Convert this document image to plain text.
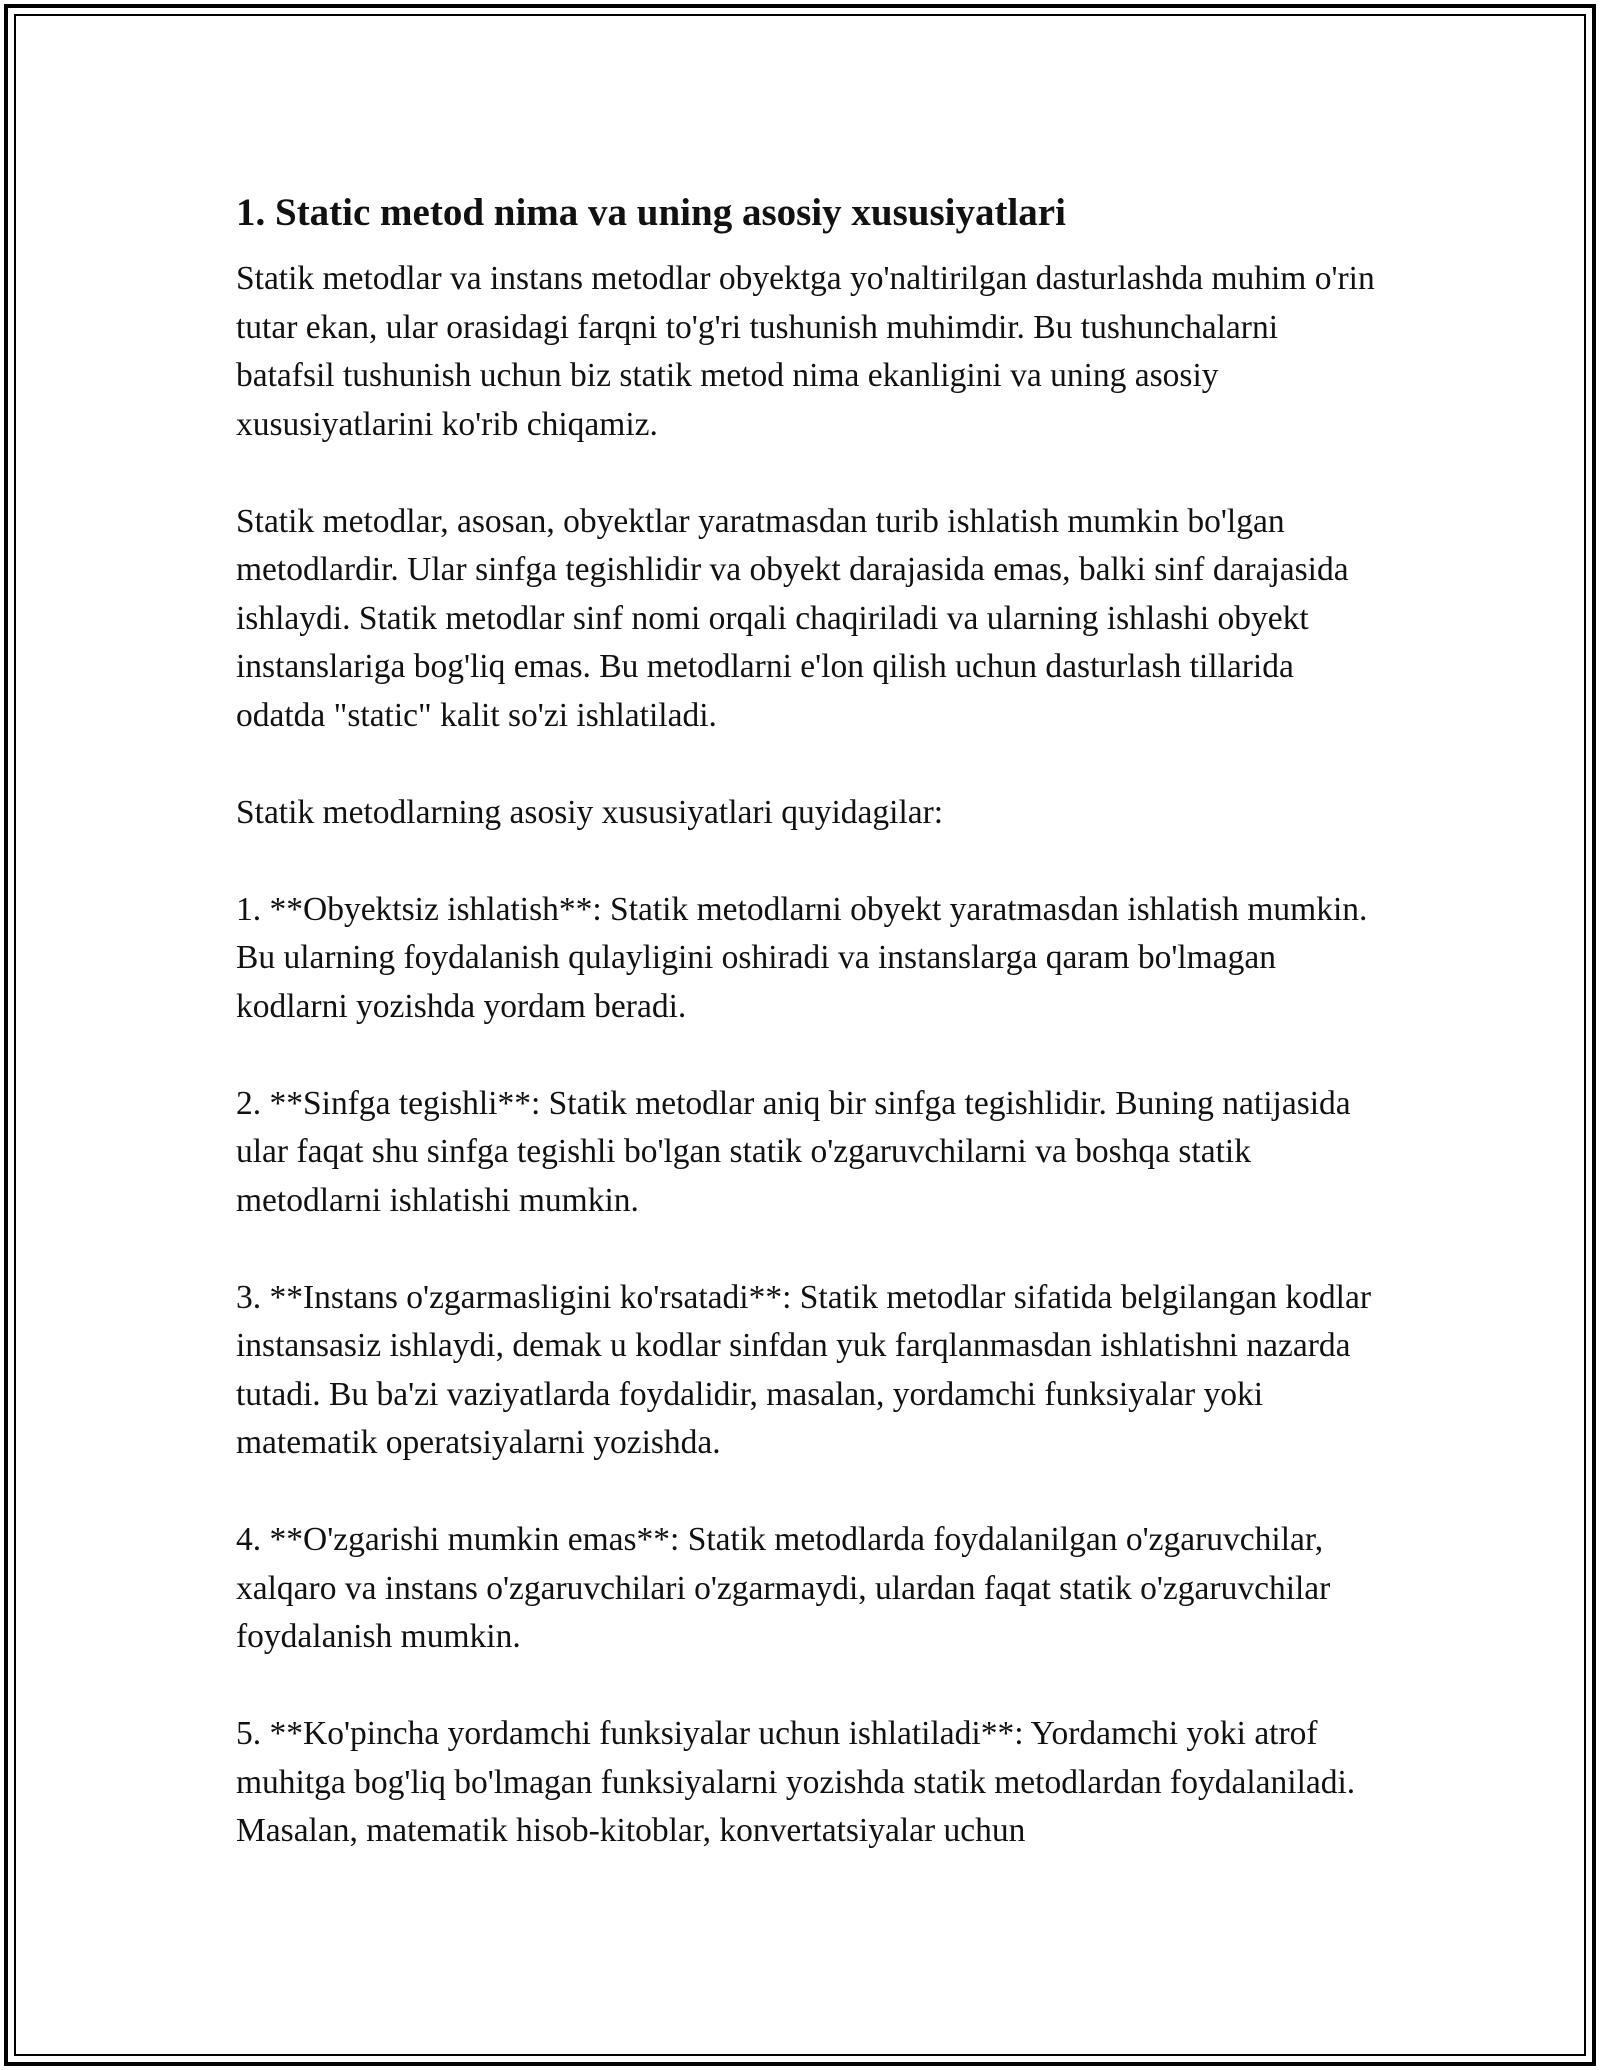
1. Static metod nima va uning asosiy xususiyatlari

Statik metodlar va instans metodlar obyektga yo'naltirilgan dasturlashda muhim o'rin tutar ekan, ular orasidagi farqni to'g'ri tushunish muhimdir. Bu tushunchalarni batafsil tushunish uchun biz statik metod nima ekanligini va uning asosiy xususiyatlarini ko'rib chiqamiz.

Statik metodlar, asosan, obyektlar yaratmasdan turib ishlatish mumkin bo'lgan metodlardir. Ular sinfga tegishlidir va obyekt darajasida emas, balki sinf darajasida ishlaydi. Statik metodlar sinf nomi orqali chaqiriladi va ularning ishlashi obyekt instanslariga bog'liq emas. Bu metodlarni e'lon qilish uchun dasturlash tillarida odatda "static" kalit so'zi ishlatiladi.

Statik metodlarning asosiy xususiyatlari quyidagilar:

1. **Obyektsiz ishlatish**: Statik metodlarni obyekt yaratmasdan ishlatish mumkin. Bu ularning foydalanish qulayligini oshiradi va instanslarga qaram bo'lmagan kodlarni yozishda yordam beradi.

2. **Sinfga tegishli**: Statik metodlar aniq bir sinfga tegishlidir. Buning natijasida ular faqat shu sinfga tegishli bo'lgan statik o'zgaruvchilarni va boshqa statik metodlarni ishlatishi mumkin.

3. **Instans o'zgarmasligini ko'rsatadi**: Statik metodlar sifatida belgilangan kodlar instansasiz ishlaydi, demak u kodlar sinfdan yuk farqlanmasdan ishlatishni nazarda tutadi. Bu ba'zi vaziyatlarda foydalidir, masalan, yordamchi funksiyalar yoki matematik operatsiyalarni yozishda.

4. **O'zgarishi mumkin emas**: Statik metodlarda foydalanilgan o'zgaruvchilar, xalqaro va instans o'zgaruvchilari o'zgarmaydi, ulardan faqat statik o'zgaruvchilar foydalanish mumkin.

5. **Ko'pincha yordamchi funksiyalar uchun ishlatiladi**: Yordamchi yoki atrof muhitga bog'liq bo'lmagan funksiyalarni yozishda statik metodlardan foydalaniladi. Masalan, matematik hisob-kitoblar, konvertatsiyalar uchun
